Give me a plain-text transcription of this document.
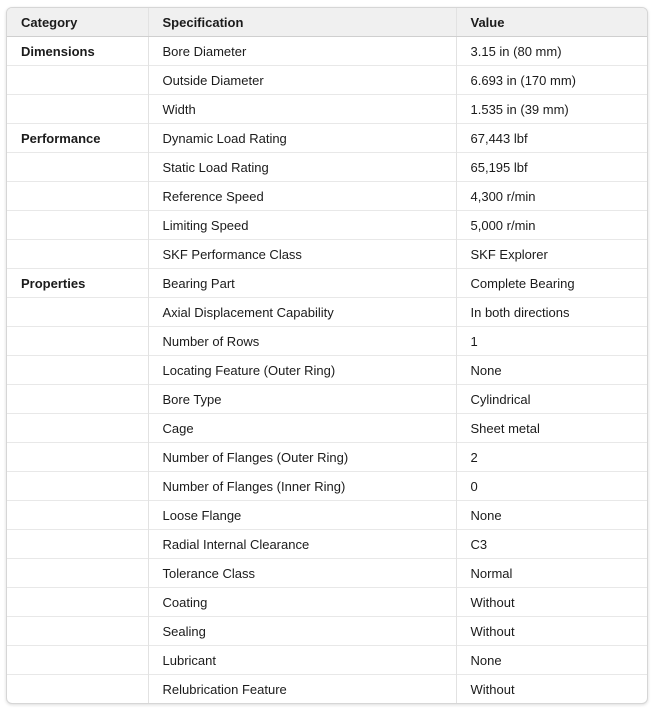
Category	Specification	Value
Dimensions	Bore Diameter	3.15 in (80 mm)
	Outside Diameter	6.693 in (170 mm)
	Width	1.535 in (39 mm)
Performance	Dynamic Load Rating	67,443 lbf
	Static Load Rating	65,195 lbf
	Reference Speed	4,300 r/min
	Limiting Speed	5,000 r/min
	SKF Performance Class	SKF Explorer
Properties	Bearing Part	Complete Bearing
	Axial Displacement Capability	In both directions
	Number of Rows	1
	Locating Feature (Outer Ring)	None
	Bore Type	Cylindrical
	Cage	Sheet metal
	Number of Flanges (Outer Ring)	2
	Number of Flanges (Inner Ring)	0
	Loose Flange	None
	Radial Internal Clearance	C3
	Tolerance Class	Normal
	Coating	Without
	Sealing	Without
	Lubricant	None
	Relubrication Feature	Without
